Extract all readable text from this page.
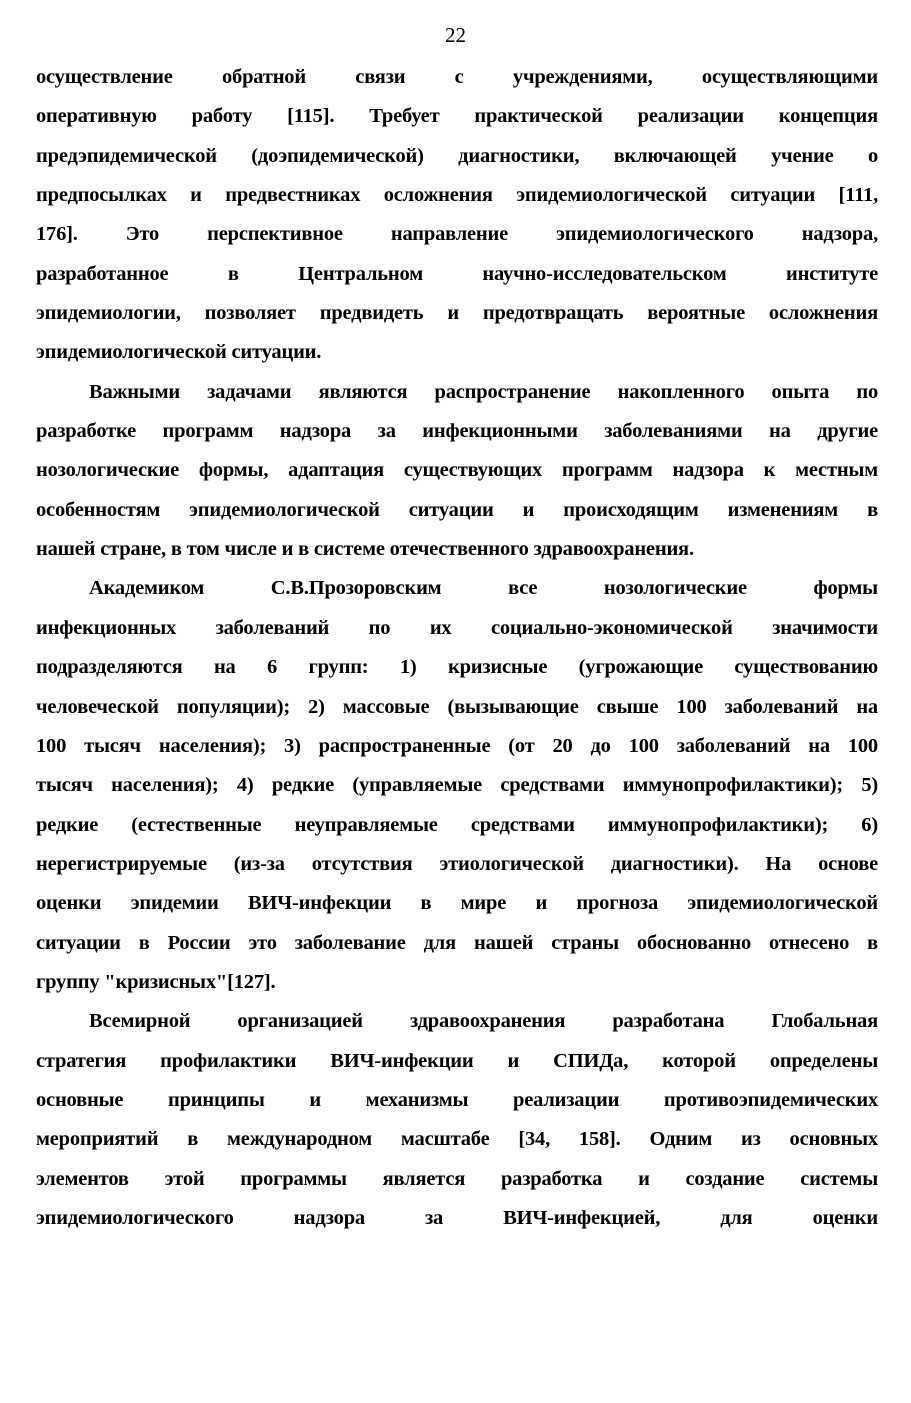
22
осуществление обратной связи с учреждениями, осуществляющими
оперативную работу [115]. Требует практической реализации концепция
предэпидемической (доэпидемической) диагностики, включающей учение о
предпосылках и предвестниках осложнения эпидемиологической ситуации [111,
176]. Это перспективное направление эпидемиологического надзора,
разработанное в Центральном научно-исследовательском институте
эпидемиологии, позволяет предвидеть и предотвращать вероятные осложнения
эпидемиологической ситуации.
Важными задачами являются распространение накопленного опыта по
разработке программ надзора за инфекционными заболеваниями на другие
нозологические формы, адаптация существующих программ надзора к местным
особенностям эпидемиологической ситуации и происходящим изменениям в
нашей стране, в том числе и в системе отечественного здравоохранения.
Академиком С.В.Прозоровским все нозологические формы
инфекционных заболеваний по их социально-экономической значимости
подразделяются на 6 групп: 1) кризисные (угрожающие существованию
человеческой популяции); 2) массовые (вызывающие свыше 100 заболеваний на
100 тысяч населения); 3) распространенные (от 20 до 100 заболеваний на 100
тысяч населения); 4) редкие (управляемые средствами иммунопрофилактики); 5)
редкие (естественные неуправляемые средствами иммунопрофилактики); 6)
нерегистрируемые (из-за отсутствия этиологической диагностики). На основе
оценки эпидемии ВИЧ-инфекции в мире и прогноза эпидемиологической
ситуации в России это заболевание для нашей страны обоснованно отнесено в
группу "кризисных"[127].
Всемирной организацией здравоохранения разработана Глобальная
стратегия профилактики ВИЧ-инфекции и СПИДа, которой определены
основные принципы и механизмы реализации противоэпидемических
мероприятий в международном масштабе [34, 158]. Одним из основных
элементов этой программы является разработка и создание системы
эпидемиологического надзора за ВИЧ-инфекцией, для оценки
